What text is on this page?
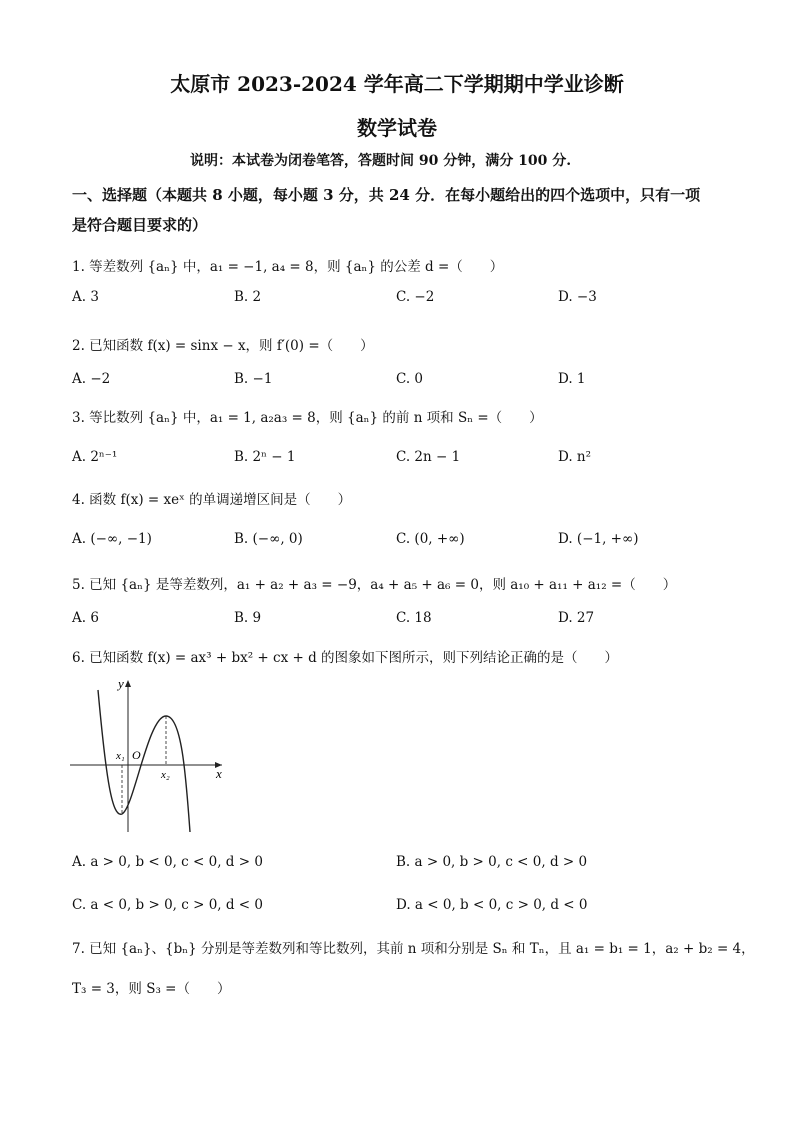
太原市 2023-2024 学年高二下学期期中学业诊断
数学试卷
说明：本试卷为闭卷笔答，答题时间 90 分钟，满分 100 分.
一、选择题（本题共 8 小题，每小题 3 分，共 24 分．在每小题给出的四个选项中，只有一项
是符合题目要求的）
1. 等差数列 {aₙ} 中，a₁ = −1, a₄ = 8，则 {aₙ} 的公差 d =（　　）
A. 3	B. 2	C. −2	D. −3
2. 已知函数 f(x) = sinx − x，则 f′(0) =（　　）
A. −2	B. −1	C. 0	D. 1
3. 等比数列 {aₙ} 中，a₁ = 1, a₂a₃ = 8，则 {aₙ} 的前 n 项和 Sₙ =（　　）
A. 2ⁿ⁻¹	B. 2ⁿ − 1	C. 2n − 1	D. n²
4. 函数 f(x) = xeˣ 的单调递增区间是（　　）
A. (−∞, −1)	B. (−∞, 0)	C. (0, +∞)	D. (−1, +∞)
5. 已知 {aₙ} 是等差数列，a₁ + a₂ + a₃ = −9，a₄ + a₅ + a₆ = 0，则 a₁₀ + a₁₁ + a₁₂ =（　　）
A. 6	B. 9	C. 18	D. 27
6. 已知函数 f(x) = ax³ + bx² + cx + d 的图象如下图所示，则下列结论正确的是（　　）
y
x
O
x₁
x₂
A. a > 0, b < 0, c < 0, d > 0	B. a > 0, b > 0, c < 0, d > 0
C. a < 0, b > 0, c > 0, d < 0	D. a < 0, b < 0, c > 0, d < 0
7. 已知 {aₙ}、{bₙ} 分别是等差数列和等比数列，其前 n 项和分别是 Sₙ 和 Tₙ，且 a₁ = b₁ = 1，a₂ + b₂ = 4，
T₃ = 3，则 S₃ =（　　）
